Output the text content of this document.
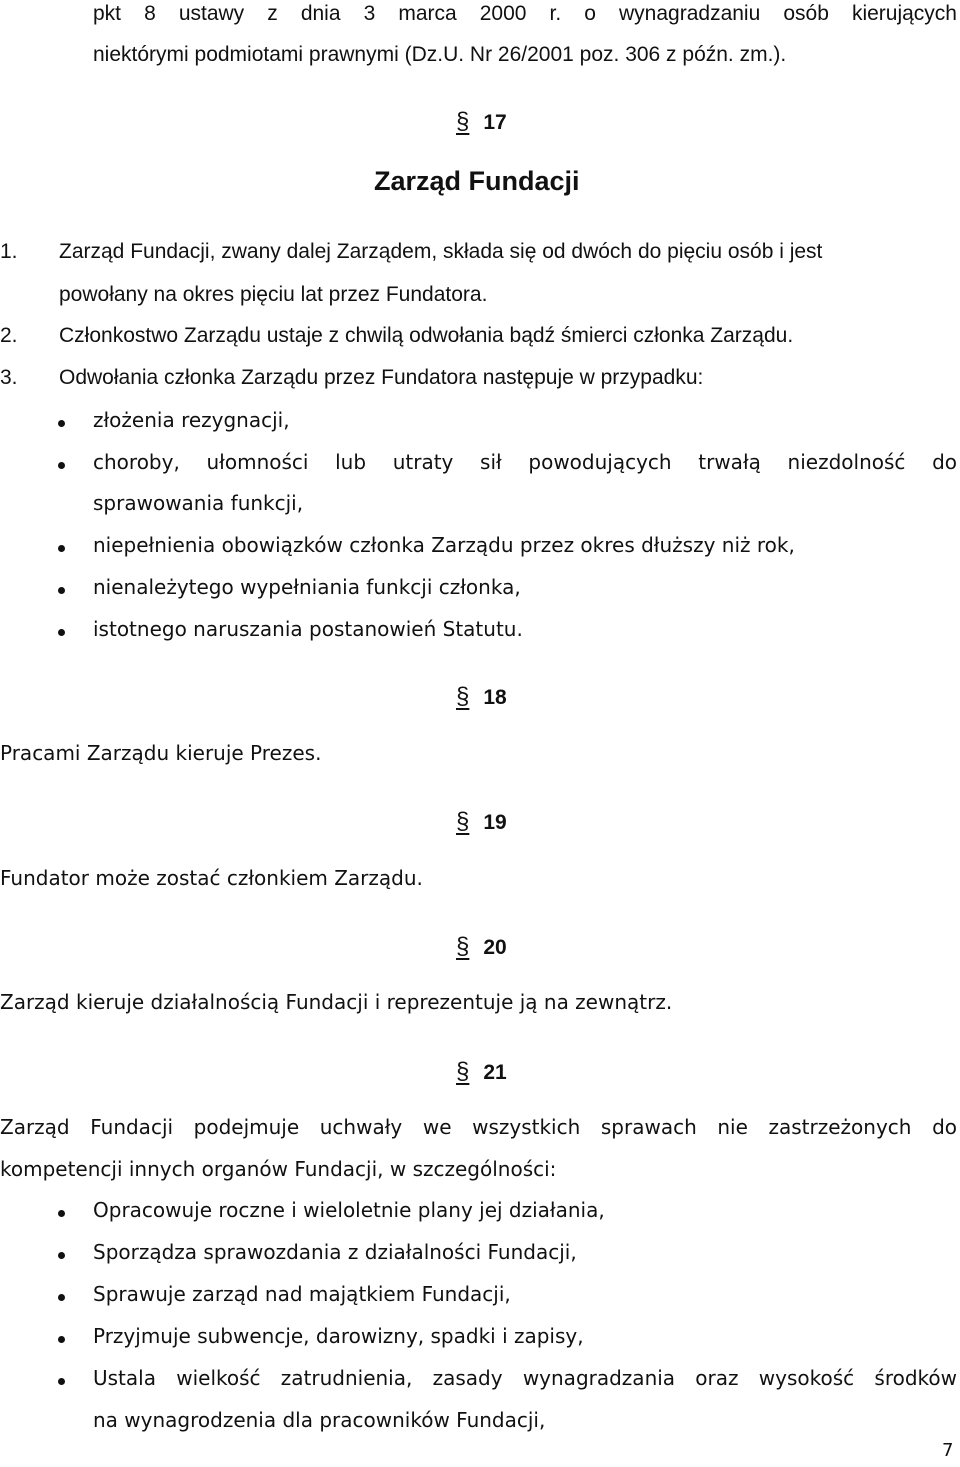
pkt 8 ustawy z dnia 3 marca 2000 r. o wynagradzaniu osób kierujących
niektórymi podmiotami prawnymi (Dz.U. Nr 26/2001 poz. 306 z późn. zm.).
§ 17
Zarząd Fundacji
1. Zarząd Fundacji, zwany dalej Zarządem, składa się od dwóch do pięciu osób i jest
powołany na okres pięciu lat przez Fundatora.
2. Członkostwo Zarządu ustaje z chwilą odwołania bądź śmierci członka Zarządu.
3. Odwołania członka Zarządu przez Fundatora następuje w przypadku:
złożenia rezygnacji,
choroby, ułomności lub utraty sił powodujących trwałą niezdolność do
sprawowania funkcji,
niepełnienia obowiązków członka Zarządu przez okres dłuższy niż rok,
nienależytego wypełniania funkcji członka,
istotnego naruszania postanowień Statutu.
§ 18
Pracami Zarządu kieruje Prezes.
§ 19
Fundator może zostać członkiem Zarządu.
§ 20
Zarząd kieruje działalnością Fundacji i reprezentuje ją na zewnątrz.
§ 21
Zarząd Fundacji podejmuje uchwały we wszystkich sprawach nie zastrzeżonych do
kompetencji innych organów Fundacji, w szczególności:
Opracowuje roczne i wieloletnie plany jej działania,
Sporządza sprawozdania z działalności Fundacji,
Sprawuje zarząd nad majątkiem Fundacji,
Przyjmuje subwencje, darowizny, spadki i zapisy,
Ustala wielkość zatrudnienia, zasady wynagradzania oraz wysokość środków
na wynagrodzenia dla pracowników Fundacji,
7
